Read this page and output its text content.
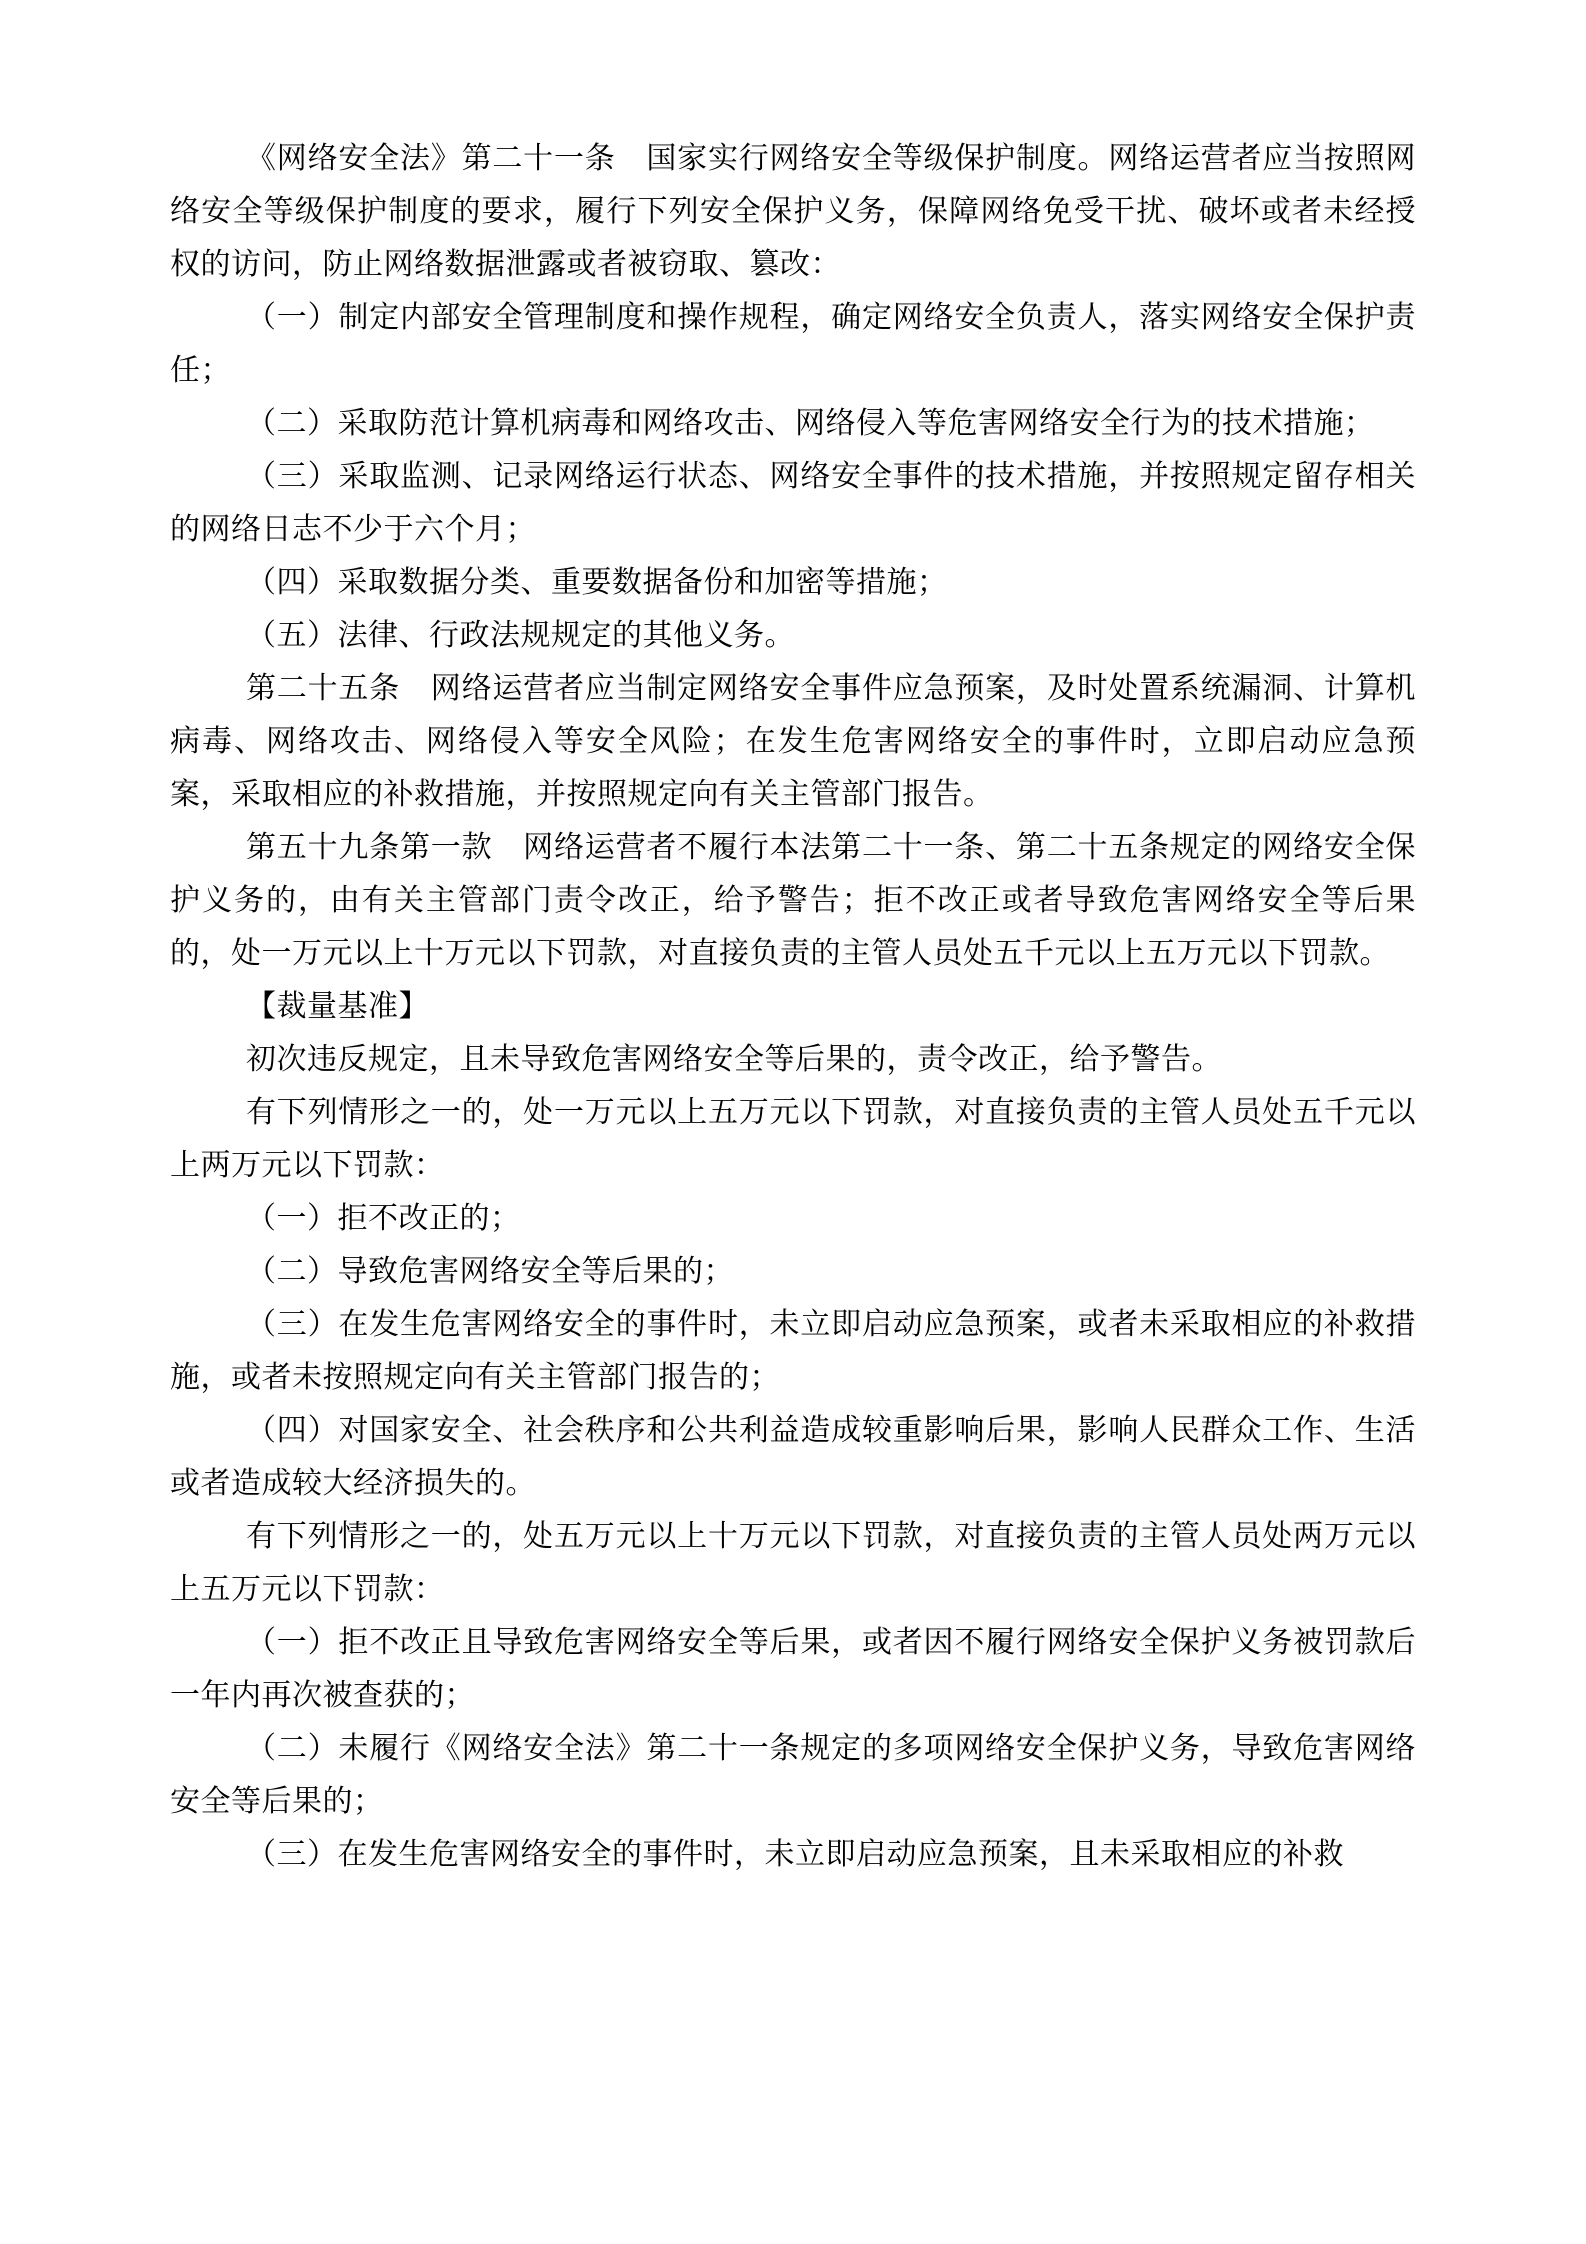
《网络安全法》第二十一条　国家实行网络安全等级保护制度。网络运营者应当按照网络安全等级保护制度的要求，履行下列安全保护义务，保障网络免受干扰、破坏或者未经授权的访问，防止网络数据泄露或者被窃取、篡改：

（一）制定内部安全管理制度和操作规程，确定网络安全负责人，落实网络安全保护责任；

（二）采取防范计算机病毒和网络攻击、网络侵入等危害网络安全行为的技术措施；

（三）采取监测、记录网络运行状态、网络安全事件的技术措施，并按照规定留存相关的网络日志不少于六个月；

（四）采取数据分类、重要数据备份和加密等措施；

（五）法律、行政法规规定的其他义务。

第二十五条　网络运营者应当制定网络安全事件应急预案，及时处置系统漏洞、计算机病毒、网络攻击、网络侵入等安全风险；在发生危害网络安全的事件时，立即启动应急预案，采取相应的补救措施，并按照规定向有关主管部门报告。

第五十九条第一款　网络运营者不履行本法第二十一条、第二十五条规定的网络安全保护义务的，由有关主管部门责令改正，给予警告；拒不改正或者导致危害网络安全等后果的，处一万元以上十万元以下罚款，对直接负责的主管人员处五千元以上五万元以下罚款。

【裁量基准】

初次违反规定，且未导致危害网络安全等后果的，责令改正，给予警告。

有下列情形之一的，处一万元以上五万元以下罚款，对直接负责的主管人员处五千元以上两万元以下罚款：

（一）拒不改正的；

（二）导致危害网络安全等后果的；

（三）在发生危害网络安全的事件时，未立即启动应急预案，或者未采取相应的补救措施，或者未按照规定向有关主管部门报告的；

（四）对国家安全、社会秩序和公共利益造成较重影响后果，影响人民群众工作、生活或者造成较大经济损失的。

有下列情形之一的，处五万元以上十万元以下罚款，对直接负责的主管人员处两万元以上五万元以下罚款：

（一）拒不改正且导致危害网络安全等后果，或者因不履行网络安全保护义务被罚款后一年内再次被查获的；

（二）未履行《网络安全法》第二十一条规定的多项网络安全保护义务，导致危害网络安全等后果的；

（三）在发生危害网络安全的事件时，未立即启动应急预案，且未采取相应的补救
